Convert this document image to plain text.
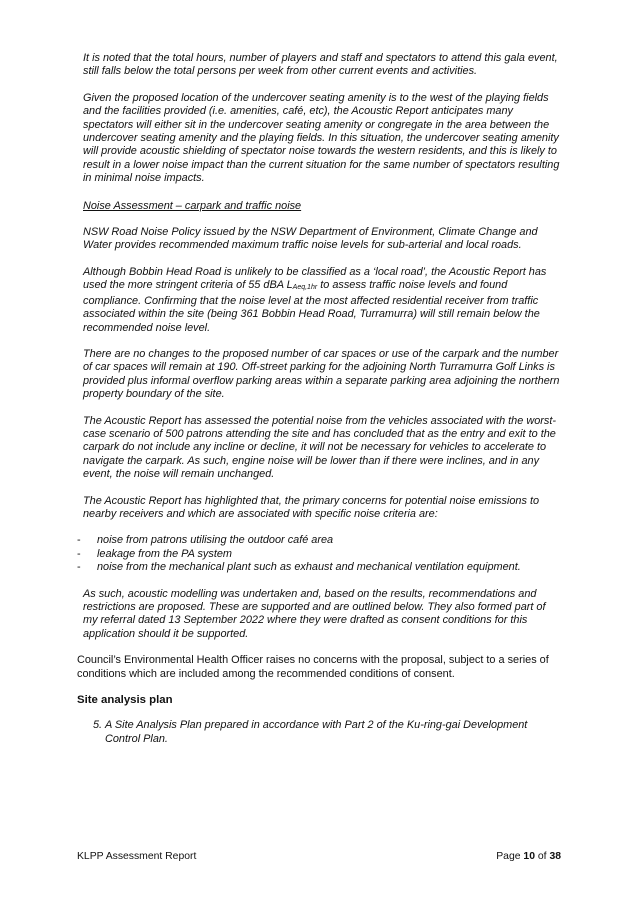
It is noted that the total hours, number of players and staff and spectators to attend this gala event, still falls below the total persons per week from other current events and activities.

Given the proposed location of the undercover seating amenity is to the west of the playing fields and the facilities provided (i.e. amenities, café, etc), the Acoustic Report anticipates many spectators will either sit in the undercover seating amenity or congregate in the area between the undercover seating amenity and the playing fields. In this situation, the undercover seating amenity will provide acoustic shielding of spectator noise towards the western residents, and this is likely to result in a lower noise impact than the current situation for the same number of spectators resulting in minimal noise impacts.

Noise Assessment – carpark and traffic noise

NSW Road Noise Policy issued by the NSW Department of Environment, Climate Change and Water provides recommended maximum traffic noise levels for sub-arterial and local roads.

Although Bobbin Head Road is unlikely to be classified as a ‘local road’, the Acoustic Report has used the more stringent criteria of 55 dBA LAeq,1hr to assess traffic noise levels and found compliance. Confirming that the noise level at the most affected residential receiver from traffic associated within the site (being 361 Bobbin Head Road, Turramurra) will still remain below the recommended noise level.

There are no changes to the proposed number of car spaces or use of the carpark and the number of car spaces will remain at 190. Off-street parking for the adjoining North Turramurra Golf Links is provided plus informal overflow parking areas within a separate parking area adjoining the northern property boundary of the site.

The Acoustic Report has assessed the potential noise from the vehicles associated with the worst-case scenario of 500 patrons attending the site and has concluded that as the entry and exit to the carpark do not include any incline or decline, it will not be necessary for vehicles to accelerate to navigate the carpark. As such, engine noise will be lower than if there were inclines, and in any event, the noise will remain unchanged.

The Acoustic Report has highlighted that, the primary concerns for potential noise emissions to nearby receivers and which are associated with specific noise criteria are:

- noise from patrons utilising the outdoor café area
- leakage from the PA system
- noise from the mechanical plant such as exhaust and mechanical ventilation equipment.

As such, acoustic modelling was undertaken and, based on the results, recommendations and restrictions are proposed. These are supported and are outlined below. They also formed part of my referral dated 13 September 2022 where they were drafted as consent conditions for this application should it be supported.

Council’s Environmental Health Officer raises no concerns with the proposal, subject to a series of conditions which are included among the recommended conditions of consent.

Site analysis plan

5. A Site Analysis Plan prepared in accordance with Part 2 of the Ku-ring-gai Development Control Plan.
KLPP Assessment Report	Page 10 of 38
